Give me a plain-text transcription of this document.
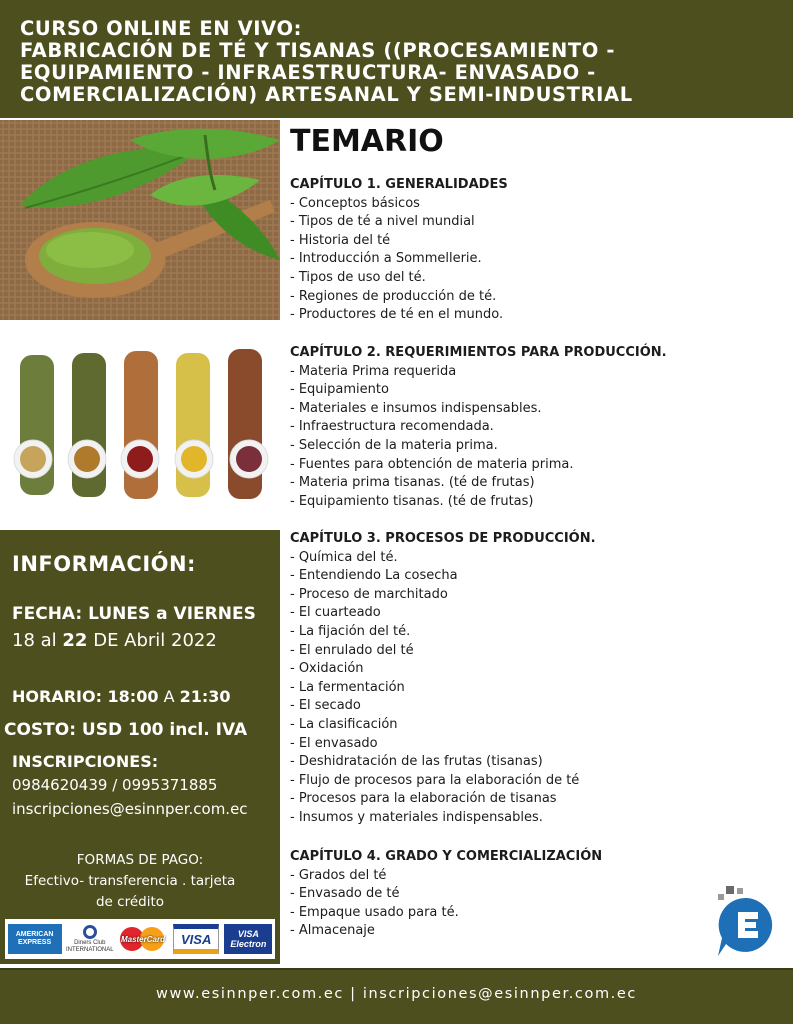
CURSO ONLINE EN VIVO:
FABRICACIÓN DE TÉ Y TISANAS ((PROCESAMIENTO -
EQUIPAMIENTO - INFRAESTRUCTURA- ENVASADO -
COMERCIALIZACIÓN) ARTESANAL Y SEMI-INDUSTRIAL
INFORMACIÓN:
FECHA: LUNES a VIERNES
18 al 22 DE Abril 2022
HORARIO: 18:00 A 21:30
COSTO: USD 100 incl. IVA
INSCRIPCIONES:
0984620439 / 0995371885
inscripciones@esinnper.com.ec
FORMAS DE PAGO:
Efectivo- transferencia . tarjeta
de crédito
AMERICAN
EXPRESS	Diners Club
INTERNATIONAL
MasterCard	VISA	VISA
Electron
TEMARIO
CAPÍTULO 1. GENERALIDADES
- Conceptos básicos
- Tipos de té a nivel mundial
- Historia del té
- Introducción a Sommellerie.
- Tipos de uso del té.
- Regiones de producción de té.
- Productores de té en el mundo.
CAPÍTULO 2. REQUERIMIENTOS PARA PRODUCCIÓN.
- Materia Prima requerida
- Equipamiento
- Materiales e insumos indispensables.
- Infraestructura recomendada.
- Selección de la materia prima.
- Fuentes para obtención de materia prima.
- Materia prima tisanas. (té de frutas)
- Equipamiento tisanas. (té de frutas)
CAPÍTULO 3. PROCESOS DE PRODUCCIÓN.
- Química del té.
- Entendiendo La cosecha
- Proceso de marchitado
- El cuarteado
- La fijación del té.
- El enrulado del té
- Oxidación
- La fermentación
- El secado
- La clasificación
- El envasado
- Deshidratación de las frutas (tisanas)
- Flujo de procesos para la elaboración de té
- Procesos para la elaboración de tisanas
- Insumos y materiales indispensables.
CAPÍTULO 4. GRADO Y COMERCIALIZACIÓN
- Grados del té
- Envasado de té
- Empaque usado para té.
- Almacenaje
www.esinnper.com.ec | inscripciones@esinnper.com.ec
